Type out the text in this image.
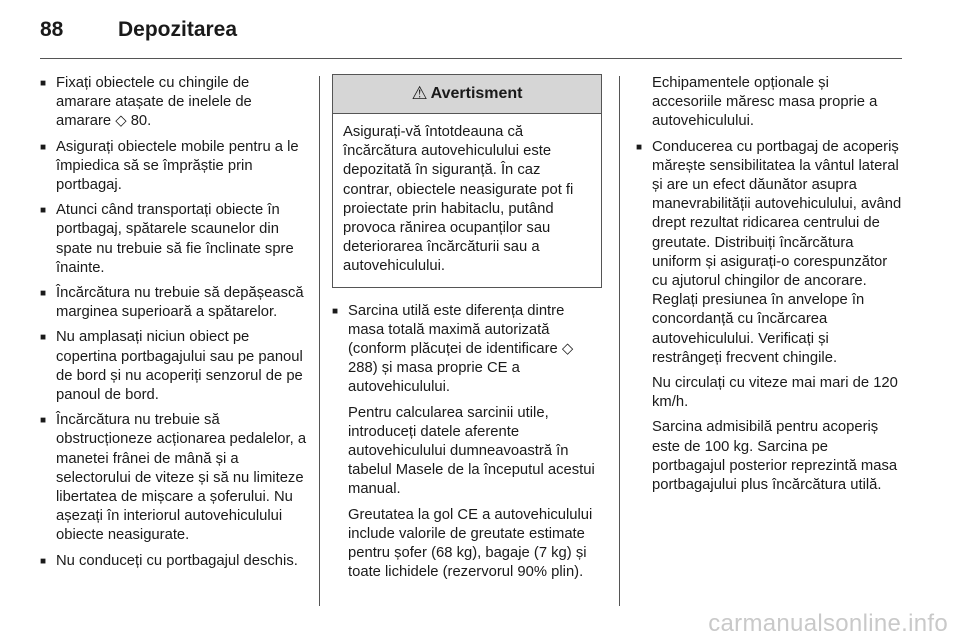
88	Depozitarea
■ Fixați obiectele cu chingile de amarare atașate de inelele de amarare ◇ 80.
■ Asigurați obiectele mobile pentru a le împiedica să se împrăștie prin portbagaj.
■ Atunci când transportați obiecte în portbagaj, spătarele scaunelor din spate nu trebuie să fie înclinate spre înainte.
■ Încărcătura nu trebuie să depășească marginea superioară a spătarelor.
■ Nu amplasați niciun obiect pe copertina portbagajului sau pe panoul de bord și nu acoperiți senzorul de pe panoul de bord.
■ Încărcătura nu trebuie să obstrucționeze acționarea pedalelor, a manetei frânei de mână și a selectorului de viteze și să nu limiteze libertatea de mișcare a șoferului. Nu așezați în interiorul autovehiculului obiecte neasigurate.
■ Nu conduceți cu portbagajul deschis.
⚠ Avertisment
Asigurați-vă întotdeauna că încărcătura autovehiculului este depozitată în siguranță. În caz contrar, obiectele neasigurate pot fi proiectate prin habitaclu, putând provoca rănirea ocupanților sau deteriorarea încărcăturii sau a autovehiculului.
■ Sarcina utilă este diferența dintre masa totală maximă autorizată (conform plăcuței de identificare ◇ 288) și masa proprie CE a autovehiculului.

Pentru calcularea sarcinii utile, introduceți datele aferente autovehiculului dumneavoastră în tabelul Masele de la începutul acestui manual.

Greutatea la gol CE a autovehiculului include valorile de greutate estimate pentru șofer (68 kg), bagaje (7 kg) și toate lichidele (rezervorul 90% plin).

Echipamentele opționale și accesoriile măresc masa proprie a autovehiculului.

■ Conducerea cu portbagaj de acoperiș mărește sensibilitatea la vântul lateral și are un efect dăunător asupra manevrabilității autovehiculului, având drept rezultat ridicarea centrului de greutate. Distribuiți încărcătura uniform și asigurați-o corespunzător cu ajutorul chingilor de ancorare. Reglați presiunea în anvelope în concordanță cu încărcarea autovehiculului. Verificați și restrângeți frecvent chingile.

Nu circulați cu viteze mai mari de 120 km/h.

Sarcina admisibilă pentru acoperiș este de 100 kg. Sarcina pe portbagajul posterior reprezintă masa portbagajului plus încărcătura utilă.

carmanualsonline.info
